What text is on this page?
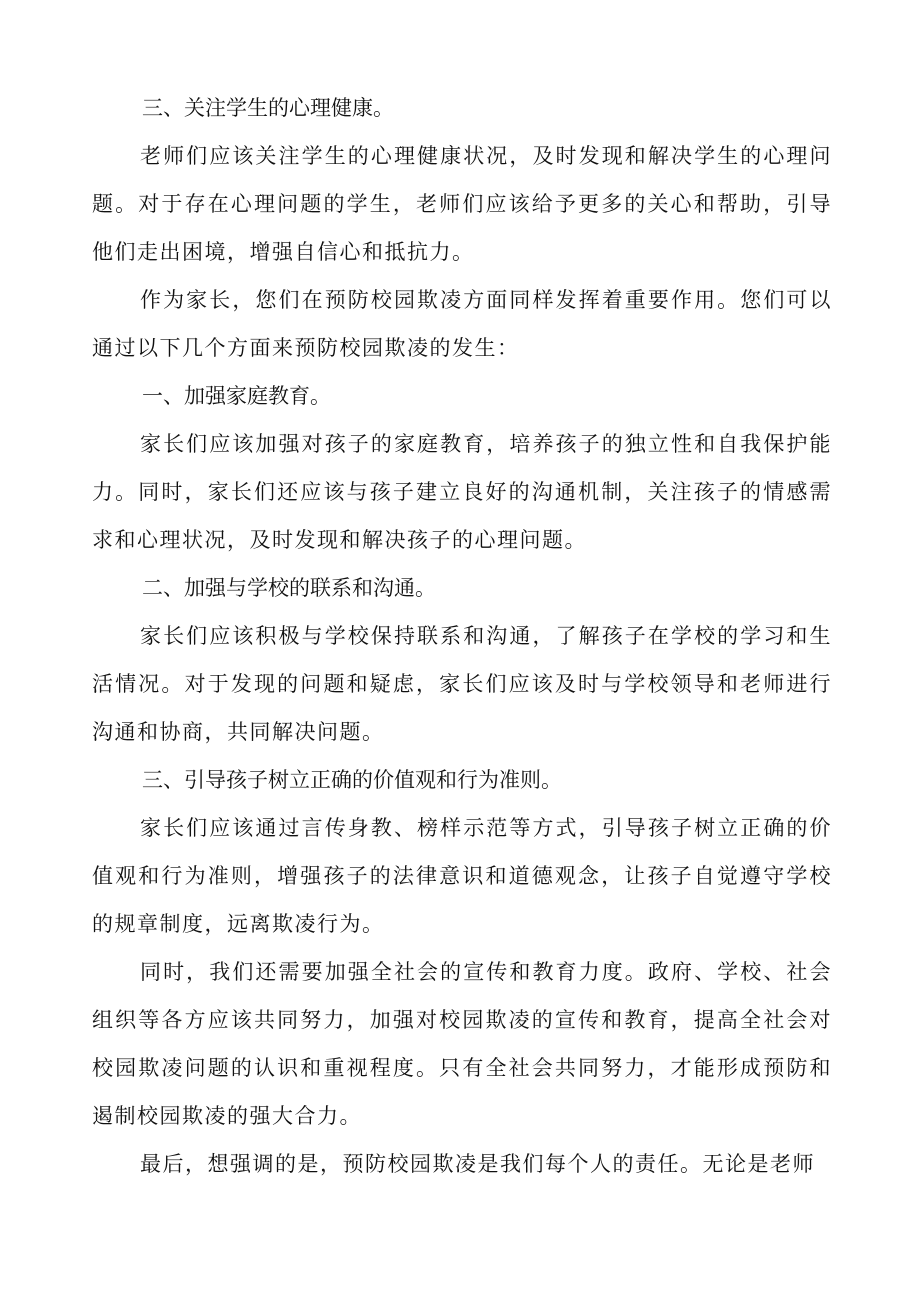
三、关注学生的心理健康。

老师们应该关注学生的心理健康状况，及时发现和解决学生的心理问题。对于存在心理问题的学生，老师们应该给予更多的关心和帮助，引导他们走出困境，增强自信心和抵抗力。

作为家长，您们在预防校园欺凌方面同样发挥着重要作用。您们可以通过以下几个方面来预防校园欺凌的发生：

一、加强家庭教育。

家长们应该加强对孩子的家庭教育，培养孩子的独立性和自我保护能力。同时，家长们还应该与孩子建立良好的沟通机制，关注孩子的情感需求和心理状况，及时发现和解决孩子的心理问题。

二、加强与学校的联系和沟通。

家长们应该积极与学校保持联系和沟通，了解孩子在学校的学习和生活情况。对于发现的问题和疑虑，家长们应该及时与学校领导和老师进行沟通和协商，共同解决问题。

三、引导孩子树立正确的价值观和行为准则。

家长们应该通过言传身教、榜样示范等方式，引导孩子树立正确的价值观和行为准则，增强孩子的法律意识和道德观念，让孩子自觉遵守学校的规章制度，远离欺凌行为。

同时，我们还需要加强全社会的宣传和教育力度。政府、学校、社会组织等各方应该共同努力，加强对校园欺凌的宣传和教育，提高全社会对校园欺凌问题的认识和重视程度。只有全社会共同努力，才能形成预防和遏制校园欺凌的强大合力。

最后，想强调的是，预防校园欺凌是我们每个人的责任。无论是老师
